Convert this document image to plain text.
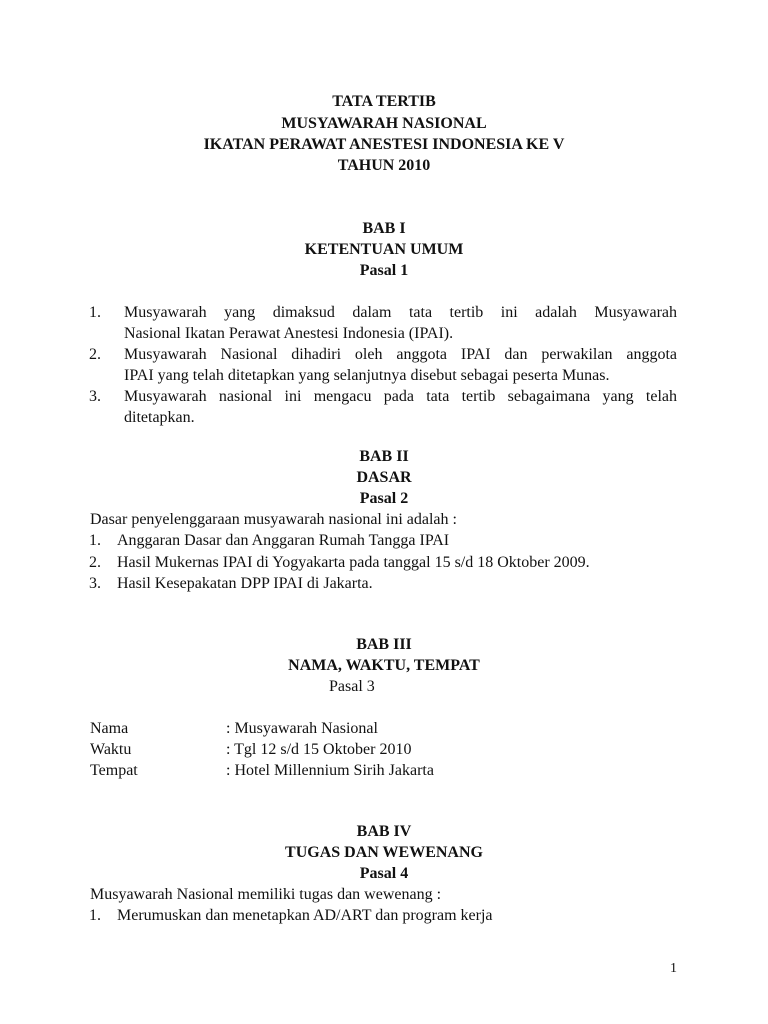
TATA TERTIB
MUSYAWARAH NASIONAL
IKATAN PERAWAT ANESTESI INDONESIA KE V
TAHUN 2010
BAB I
KETENTUAN UMUM
Pasal 1
1. Musyawarah yang dimaksud dalam tata tertib ini adalah Musyawarah
Nasional Ikatan Perawat Anestesi Indonesia (IPAI).
2. Musyawarah Nasional dihadiri oleh anggota IPAI dan perwakilan anggota
IPAI yang telah ditetapkan yang selanjutnya disebut sebagai peserta Munas.
3. Musyawarah nasional ini mengacu pada tata tertib sebagaimana yang telah
ditetapkan.
BAB II
DASAR
Pasal 2
Dasar penyelenggaraan musyawarah nasional ini adalah :
1. Anggaran Dasar dan Anggaran Rumah Tangga IPAI
2. Hasil Mukernas IPAI di Yogyakarta pada tanggal 15 s/d 18 Oktober 2009.
3. Hasil Kesepakatan DPP IPAI di Jakarta.
BAB III
NAMA, WAKTU, TEMPAT
Pasal 3
Nama	: Musyawarah Nasional
Waktu	: Tgl 12 s/d 15 Oktober 2010
Tempat	: Hotel Millennium Sirih Jakarta
BAB IV
TUGAS DAN WEWENANG
Pasal 4
Musyawarah Nasional memiliki tugas dan wewenang :
1. Merumuskan dan menetapkan AD/ART dan program kerja
1
